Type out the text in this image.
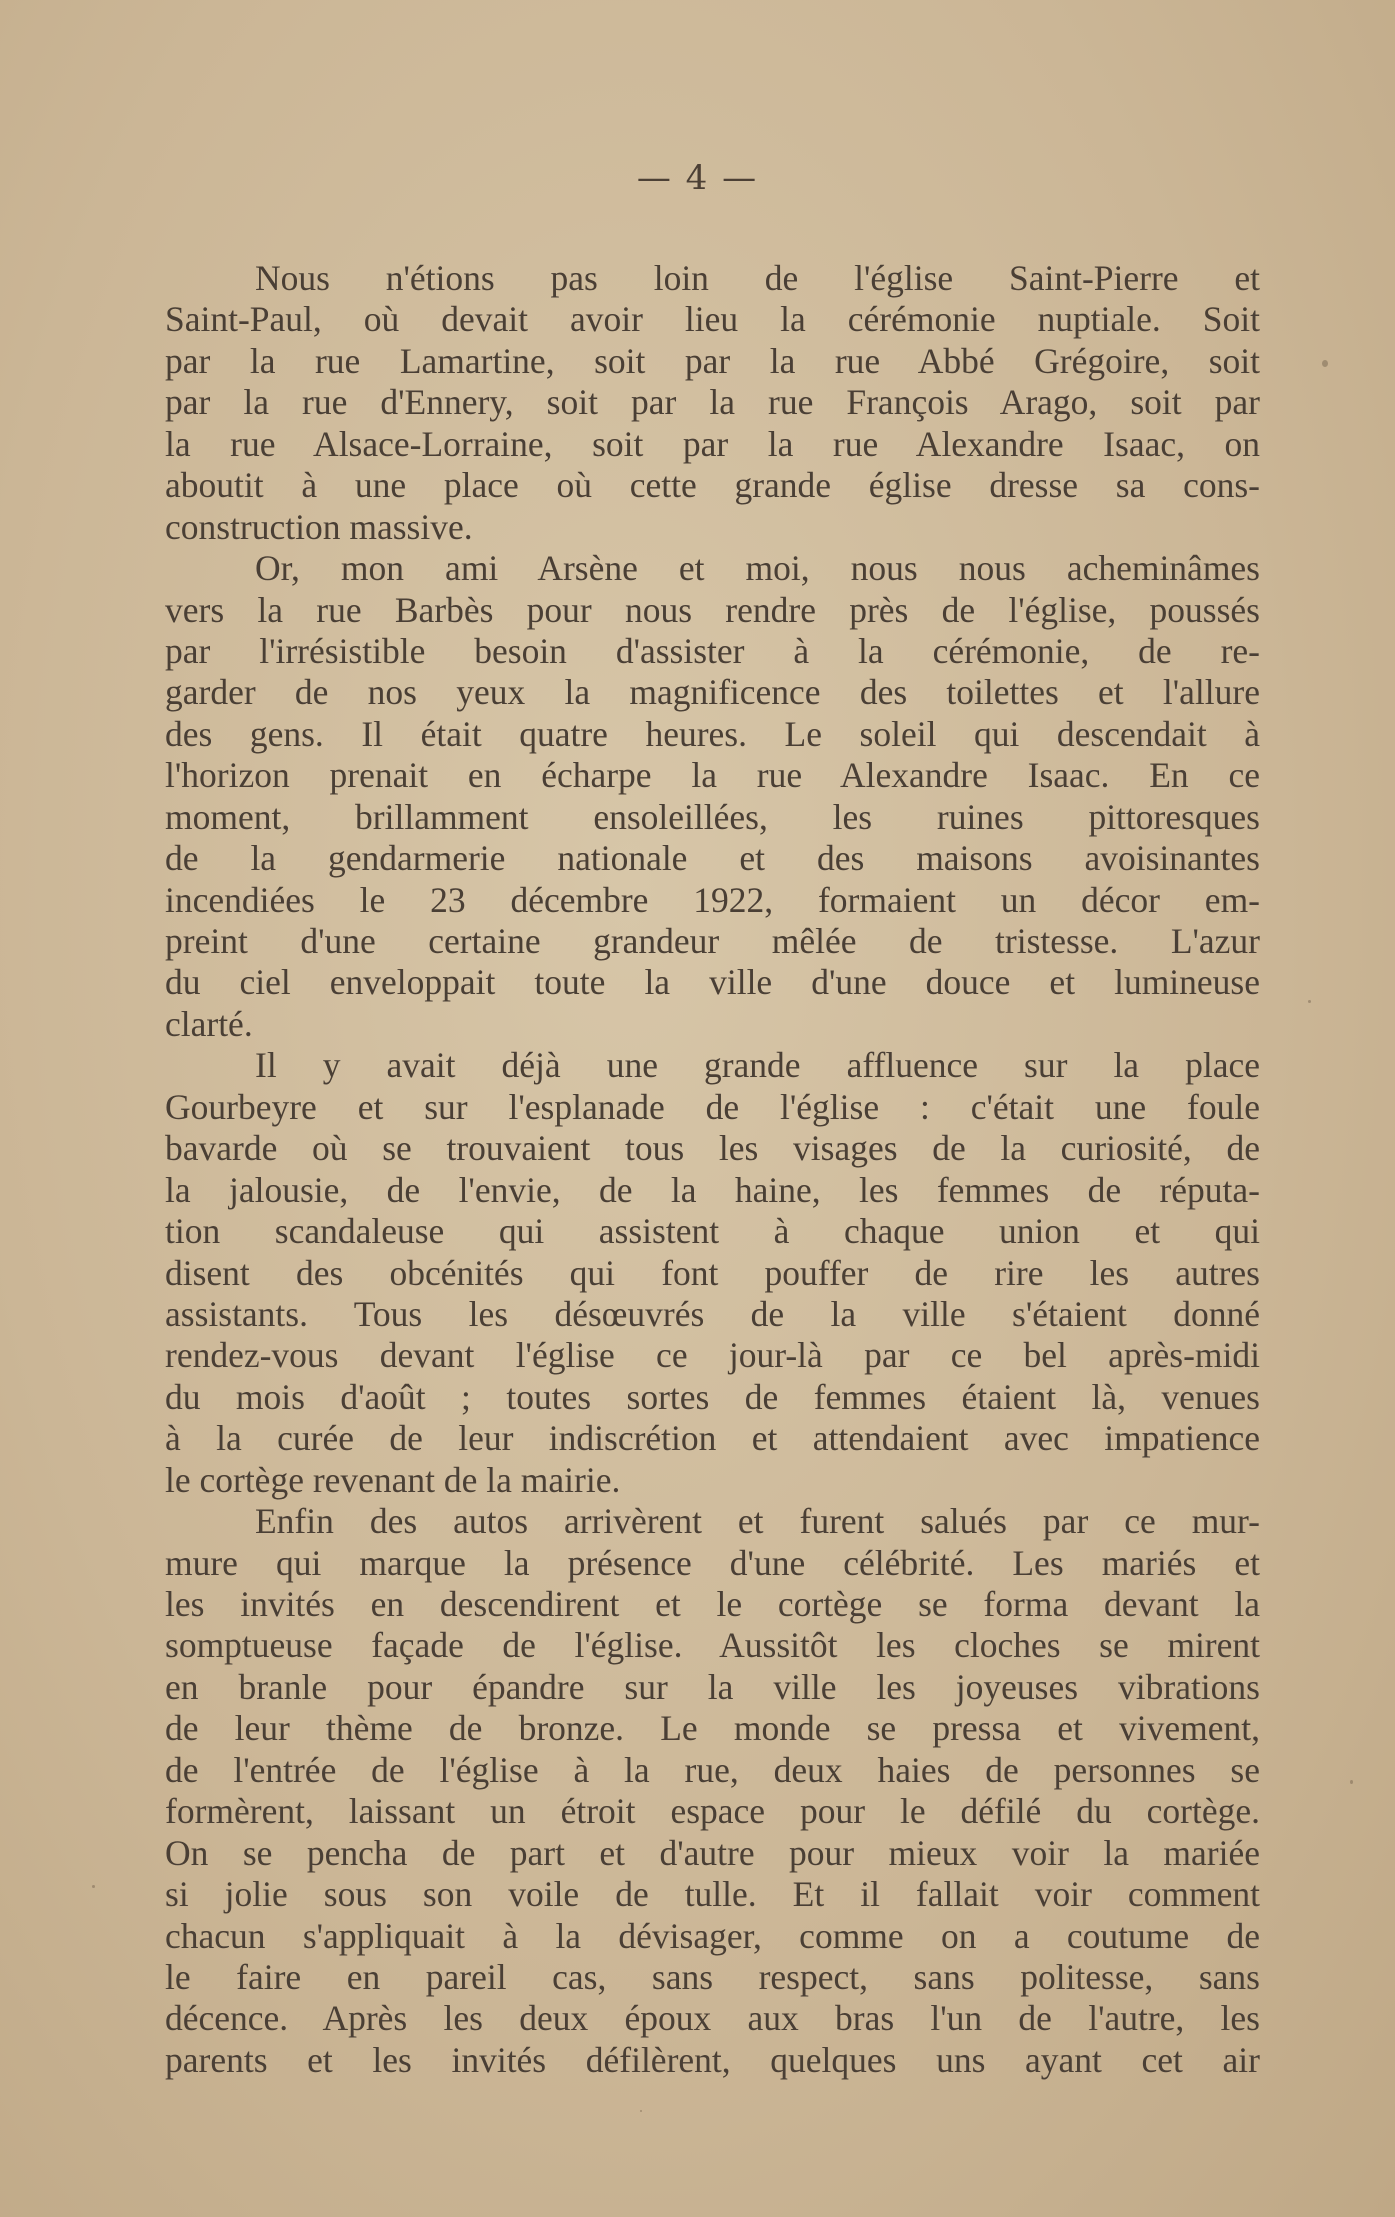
— 4 —
Nous n'étions pas loin de l'église Saint-Pierre et
Saint-Paul, où devait avoir lieu la cérémonie nuptiale. Soit
par la rue Lamartine, soit par la rue Abbé Grégoire, soit
par la rue d'Ennery, soit par la rue François Arago, soit par
la rue Alsace-Lorraine, soit par la rue Alexandre Isaac, on
aboutit à une place où cette grande église dresse sa cons-
construction massive.
Or, mon ami Arsène et moi, nous nous acheminâmes
vers la rue Barbès pour nous rendre près de l'église, poussés
par l'irrésistible besoin d'assister à la cérémonie, de re-
garder de nos yeux la magnificence des toilettes et l'allure
des gens. Il était quatre heures. Le soleil qui descendait à
l'horizon prenait en écharpe la rue Alexandre Isaac. En ce
moment, brillamment ensoleillées, les ruines pittoresques
de la gendarmerie nationale et des maisons avoisinantes
incendiées le 23 décembre 1922, formaient un décor em-
preint d'une certaine grandeur mêlée de tristesse. L'azur
du ciel enveloppait toute la ville d'une douce et lumineuse
clarté.
Il y avait déjà une grande affluence sur la place
Gourbeyre et sur l'esplanade de l'église : c'était une foule
bavarde où se trouvaient tous les visages de la curiosité, de
la jalousie, de l'envie, de la haine, les femmes de réputa-
tion scandaleuse qui assistent à chaque union et qui
disent des obcénités qui font pouffer de rire les autres
assistants. Tous les désœuvrés de la ville s'étaient donné
rendez-vous devant l'église ce jour-là par ce bel après-midi
du mois d'août ; toutes sortes de femmes étaient là, venues
à la curée de leur indiscrétion et attendaient avec impatience
le cortège revenant de la mairie.
Enfin des autos arrivèrent et furent salués par ce mur-
mure qui marque la présence d'une célébrité. Les mariés et
les invités en descendirent et le cortège se forma devant la
somptueuse façade de l'église. Aussitôt les cloches se mirent
en branle pour épandre sur la ville les joyeuses vibrations
de leur thème de bronze. Le monde se pressa et vivement,
de l'entrée de l'église à la rue, deux haies de personnes se
formèrent, laissant un étroit espace pour le défilé du cortège.
On se pencha de part et d'autre pour mieux voir la mariée
si jolie sous son voile de tulle. Et il fallait voir comment
chacun s'appliquait à la dévisager, comme on a coutume de
le faire en pareil cas, sans respect, sans politesse, sans
décence. Après les deux époux aux bras l'un de l'autre, les
parents et les invités défilèrent, quelques uns ayant cet air
